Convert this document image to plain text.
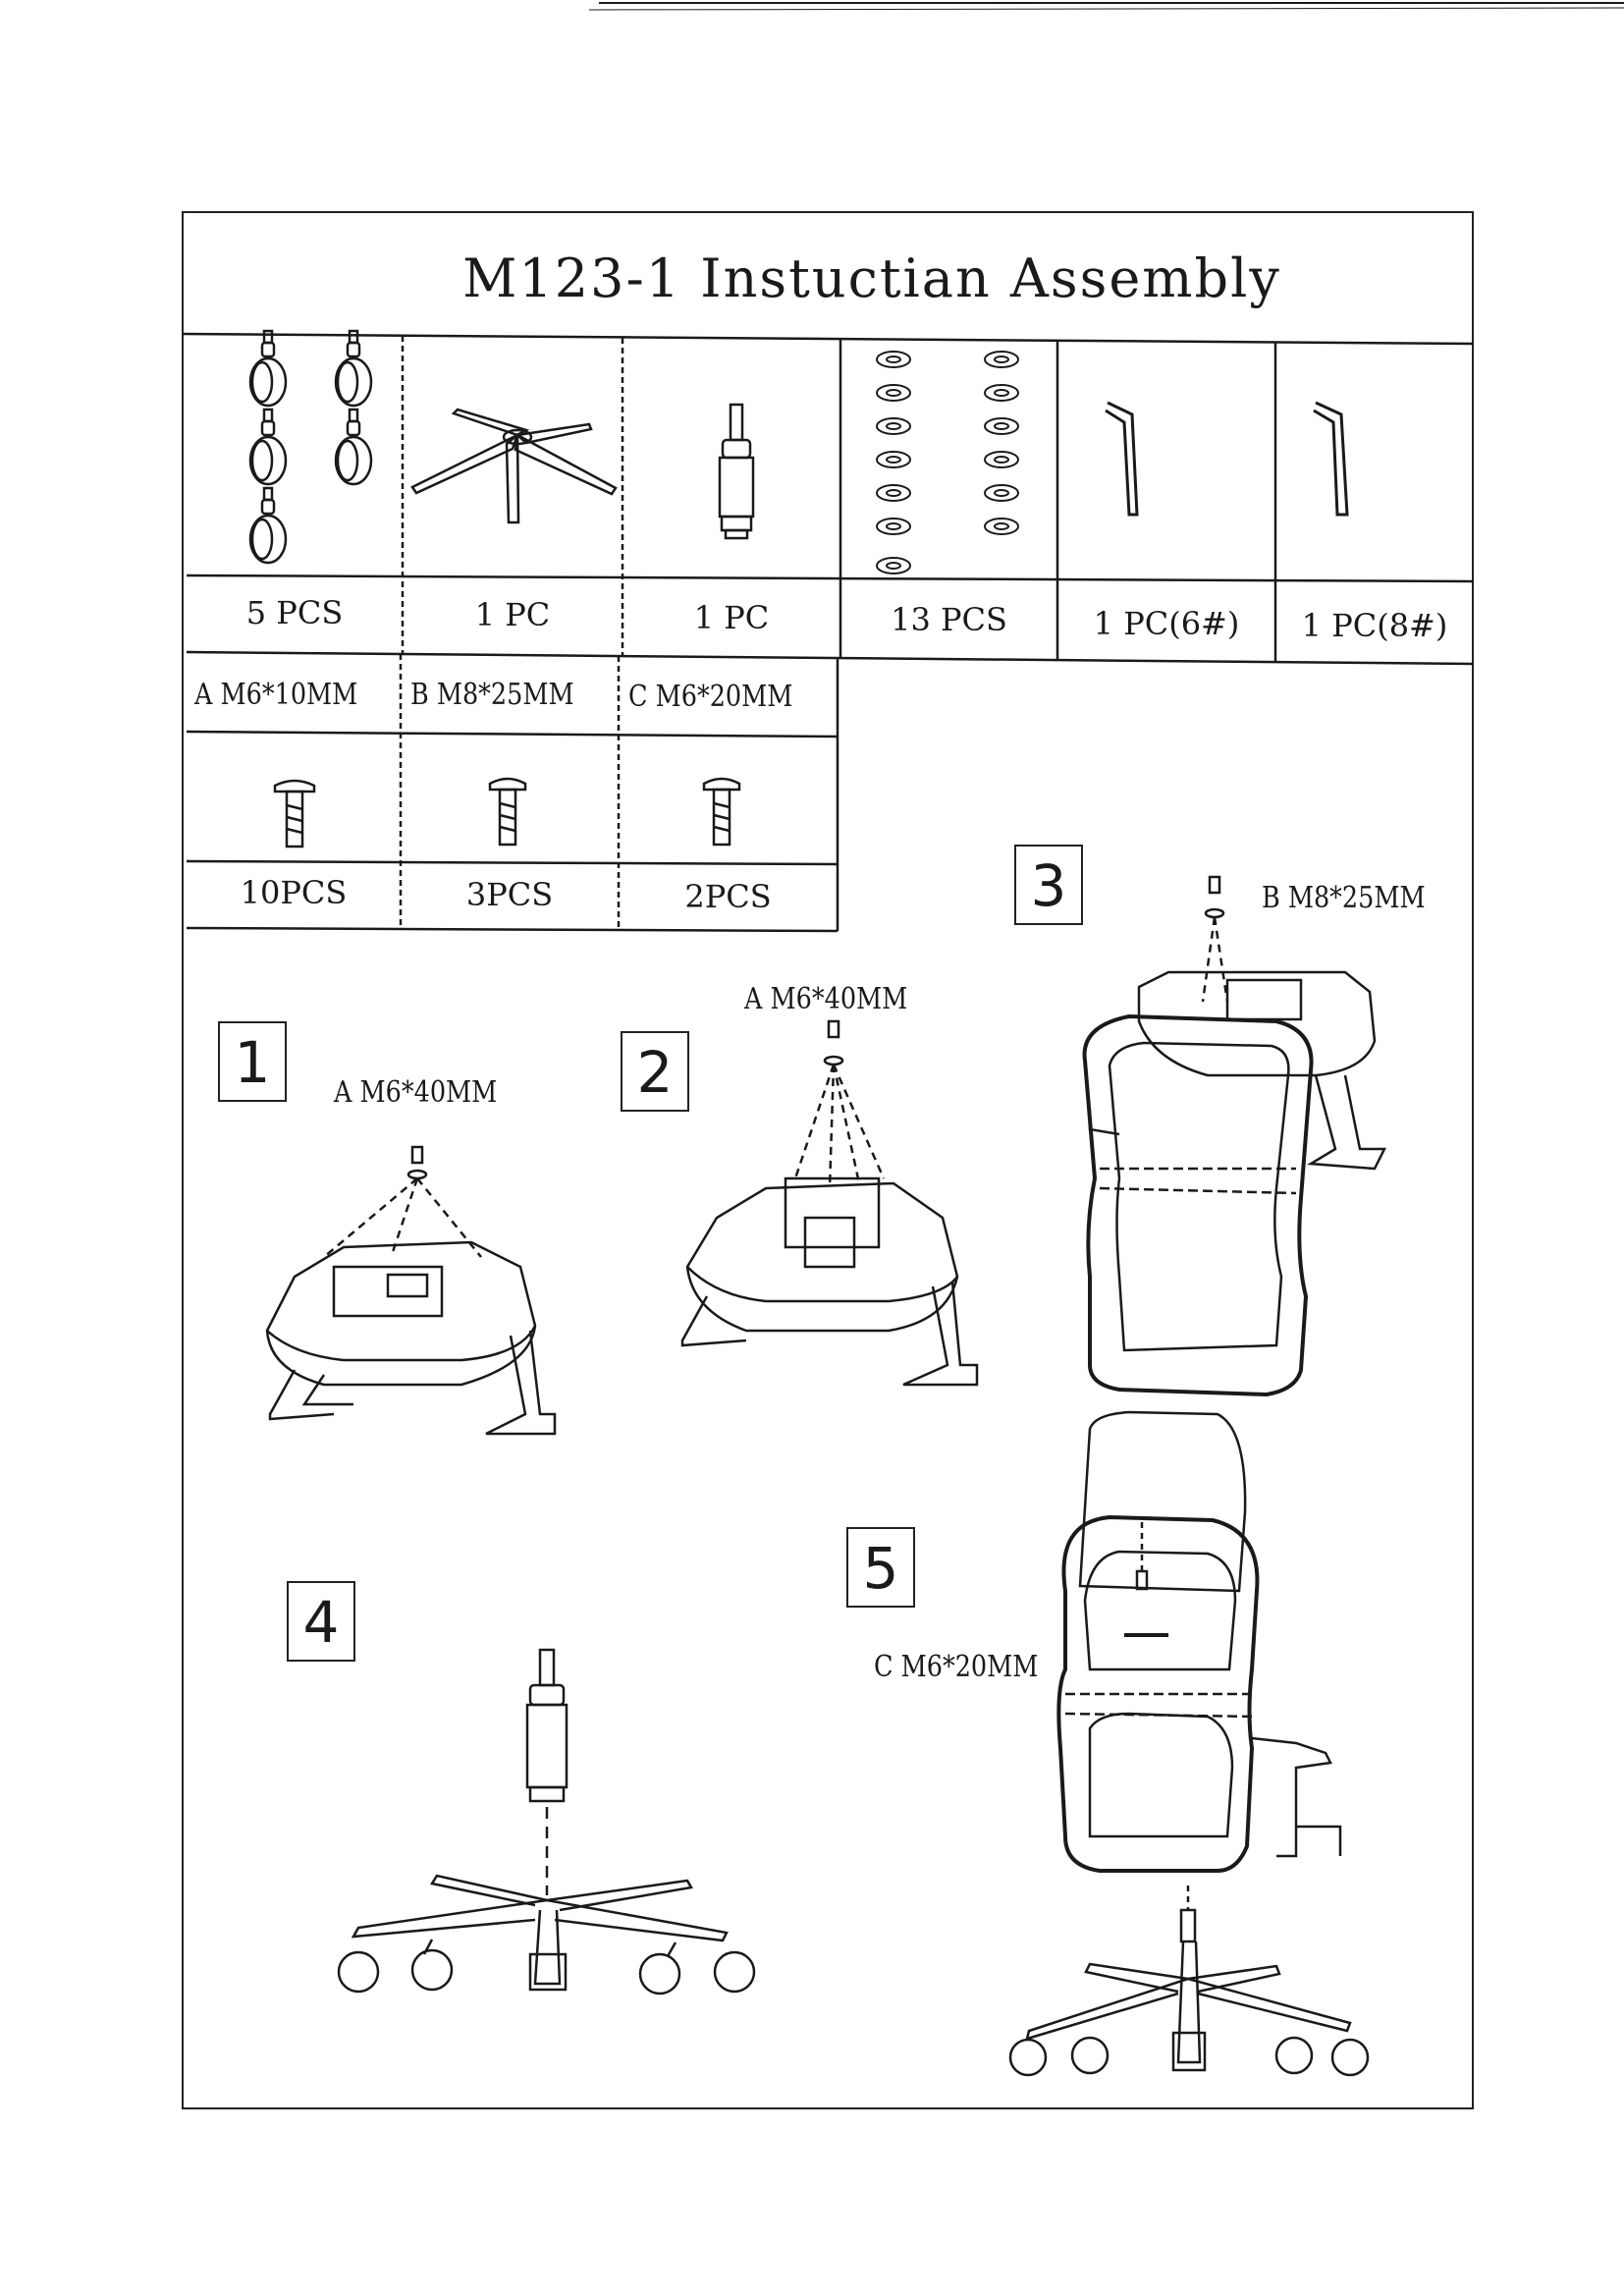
M123-1 Instuctian Assembly
5 PCS	1 PC	1 PC	13 PCS	1 PC(6#)	1 PC(8#)
A M6*10MM B M8*25MM C M6*20MM
10PCS	3PCS	2PCS
1	A M6*40MM 2
A M6*40MM
3	B M8*25MM
4
5
C M6*20MM
